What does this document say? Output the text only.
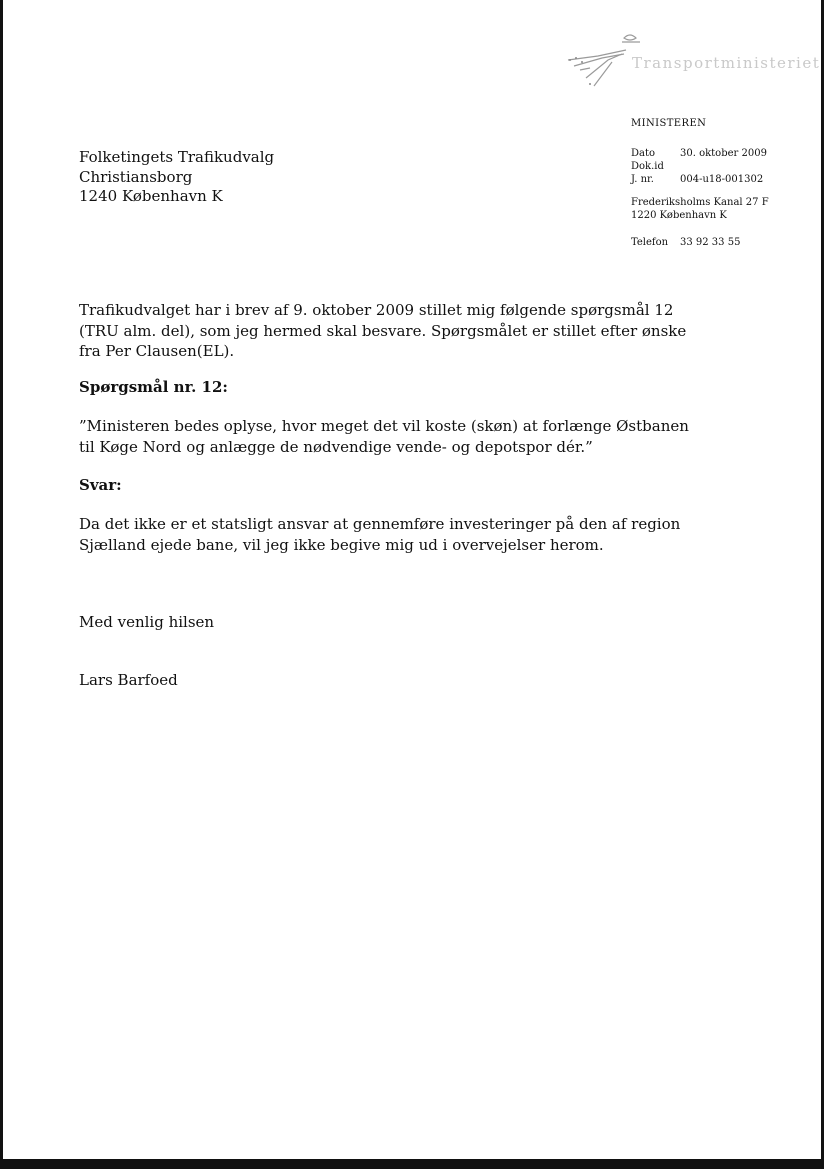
Transportministeriet
MINISTEREN
Dato 30. oktober 2009
Dok.id
J. nr.	004-u18-001302
Frederiksholms Kanal 27 F
1220 København K
Telefon 33 92 33 55
Folketingets Trafikudvalg
Christiansborg
1240 København K
Trafikudvalget har i brev af 9. oktober 2009 stillet mig følgende spørgsmål 12
(TRU alm. del), som jeg hermed skal besvare. Spørgsmålet er stillet efter ønske
fra Per Clausen(EL).
Spørgsmål nr. 12:
”Ministeren bedes oplyse, hvor meget det vil koste (skøn) at forlænge Østbanen
til Køge Nord og anlægge de nødvendige vende- og depotspor dér.”
Svar:
Da det ikke er et statsligt ansvar at gennemføre investeringer på den af region
Sjælland ejede bane, vil jeg ikke begive mig ud i overvejelser herom.
Med venlig hilsen
Lars Barfoed
